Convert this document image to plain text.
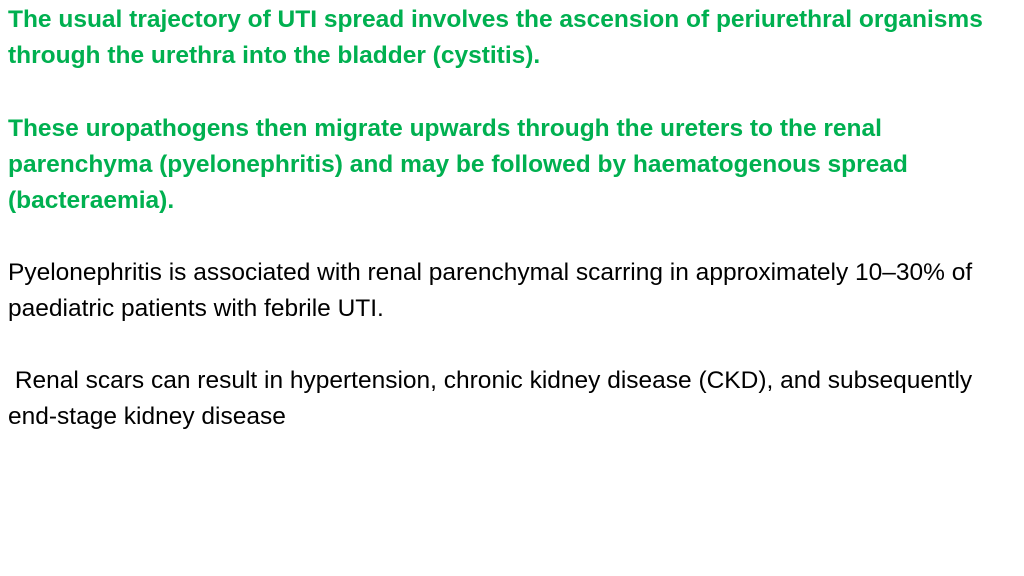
The usual trajectory of UTI spread involves the ascension of periurethral organisms through the urethra into the bladder (cystitis).

These uropathogens then migrate upwards through the ureters to the renal parenchyma (pyelonephritis) and may be followed by haematogenous spread (bacteraemia).

Pyelonephritis is associated with renal parenchymal scarring in approximately 10–30% of paediatric patients with febrile UTI.

Renal scars can result in hypertension, chronic kidney disease (CKD), and subsequently end-stage kidney disease
